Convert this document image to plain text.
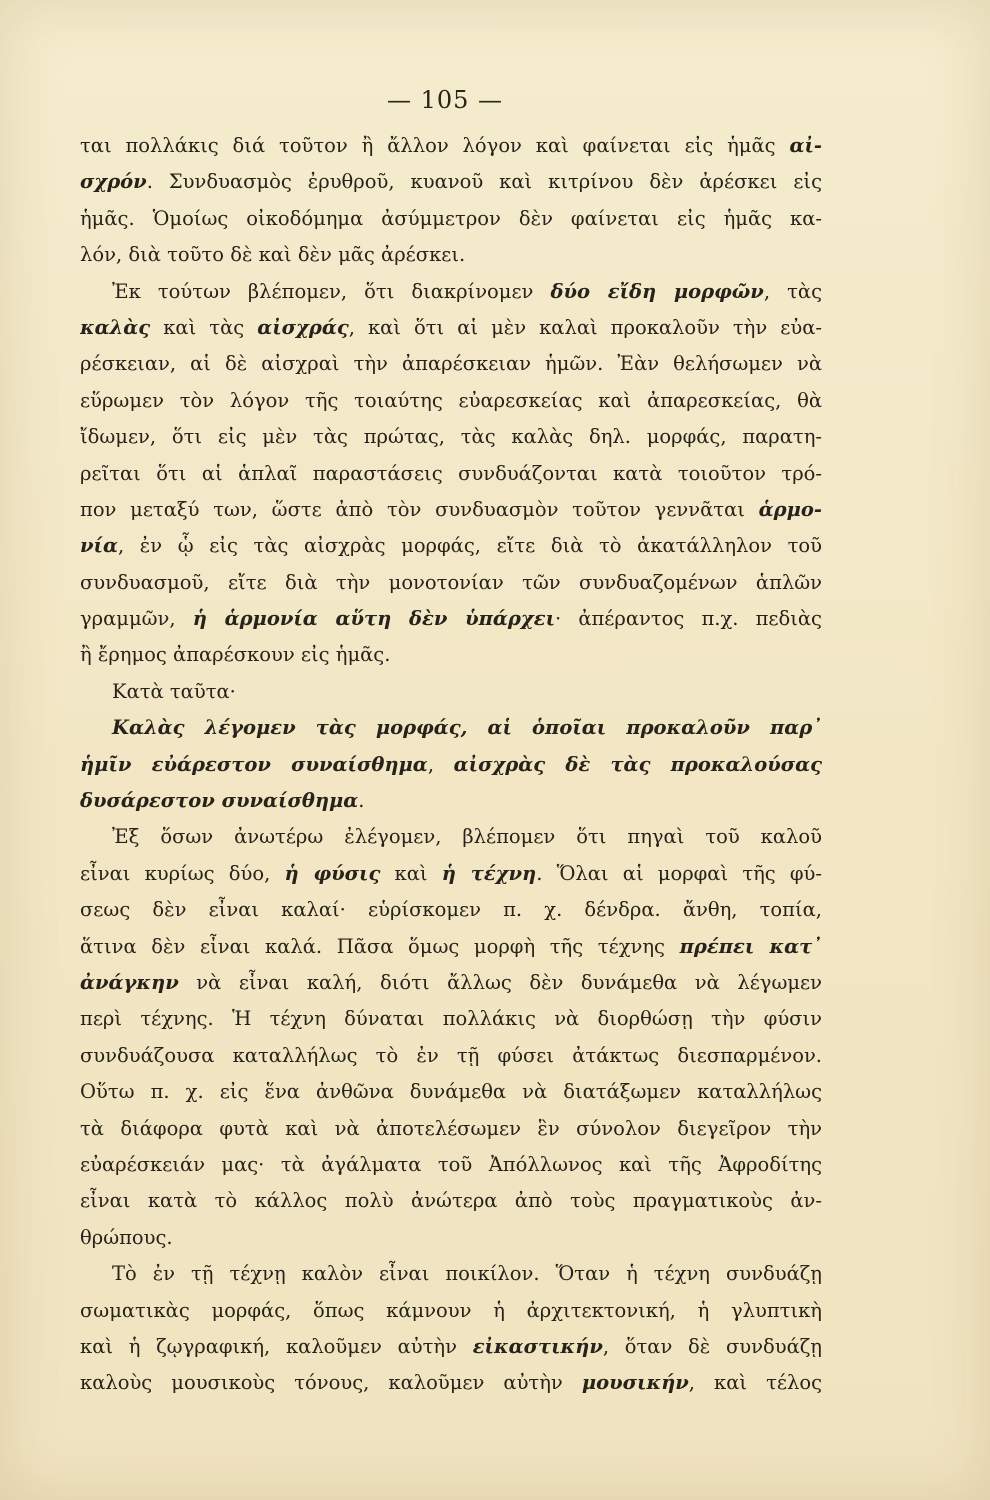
— 105 —
ται πολλάκις διά τοῦτον ἢ ἄλλον λόγον καὶ φαίνεται εἰς ἡμᾶς αἰ-
σχρόν. Συνδυασμὸς ἐρυθροῦ, κυανοῦ καὶ κιτρίνου δὲν ἀρέσκει εἰς
ἡμᾶς. Ὁμοίως οἰκοδόμημα ἀσύμμετρον δὲν φαίνεται εἰς ἡμᾶς κα-
λόν, διὰ τοῦτο δὲ καὶ δὲν μᾶς ἀρέσκει.
Ἐκ τούτων βλέπομεν, ὅτι διακρίνομεν δύο εἴδη μορφῶν, τὰς
καλὰς καὶ τὰς αἰσχράς, καὶ ὅτι αἱ μὲν καλαὶ προκαλοῦν τὴν εὐα-
ρέσκειαν, αἱ δὲ αἰσχραὶ τὴν ἀπαρέσκειαν ἡμῶν. Ἐὰν θελήσωμεν νὰ
εὕρωμεν τὸν λόγον τῆς τοιαύτης εὐαρεσκείας καὶ ἀπαρεσκείας, θὰ
ἴδωμεν, ὅτι εἰς μὲν τὰς πρώτας, τὰς καλὰς δηλ. μορφάς, παρατη-
ρεῖται ὅτι αἱ ἁπλαῖ παραστάσεις συνδυάζονται κατὰ τοιοῦτον τρό-
πον μεταξύ των, ὥστε ἀπὸ τὸν συνδυασμὸν τοῦτον γεννᾶται ἁρμο-
νία, ἐν ᾧ εἰς τὰς αἰσχρὰς μορφάς, εἴτε διὰ τὸ ἀκατάλληλον τοῦ
συνδυασμοῦ, εἴτε διὰ τὴν μονοτονίαν τῶν συνδυαζομένων ἁπλῶν
γραμμῶν, ἡ ἁρμονία αὕτη δὲν ὑπάρχει· ἀπέραντος π.χ. πεδιὰς
ἢ ἔρημος ἀπαρέσκουν εἰς ἡμᾶς.
Κατὰ ταῦτα·
Καλὰς λέγομεν τὰς μορφάς, αἱ ὁποῖαι προκαλοῦν παρ᾽
ἡμῖν εὐάρεστον συναίσθημα, αἰσχρὰς δὲ τὰς προκαλούσας
δυσάρεστον συναίσθημα.
Ἐξ ὅσων ἀνωτέρω ἐλέγομεν, βλέπομεν ὅτι πηγαὶ τοῦ καλοῦ
εἶναι κυρίως δύο, ἡ φύσις καὶ ἡ τέχνη. Ὅλαι αἱ μορφαὶ τῆς φύ-
σεως δὲν εἶναι καλαί· εὑρίσκομεν π. χ. δένδρα. ἄνθη, τοπία,
ἅτινα δὲν εἶναι καλά. Πᾶσα ὅμως μορφὴ τῆς τέχνης πρέπει κατ᾽
ἀνάγκην νὰ εἶναι καλή, διότι ἄλλως δὲν δυνάμεθα νὰ λέγωμεν
περὶ τέχνης. Ἡ τέχνη δύναται πολλάκις νὰ διορθώσῃ τὴν φύσιν
συνδυάζουσα καταλλήλως τὸ ἐν τῇ φύσει ἀτάκτως διεσπαρμένον.
Οὕτω π. χ. εἰς ἕνα ἀνθῶνα δυνάμεθα νὰ διατάξωμεν καταλλήλως
τὰ διάφορα φυτὰ καὶ νὰ ἀποτελέσωμεν ἓν σύνολον διεγεῖρον τὴν
εὐαρέσκειάν μας· τὰ ἀγάλματα τοῦ Ἀπόλλωνος καὶ τῆς Ἀφροδίτης
εἶναι κατὰ τὸ κάλλος πολὺ ἀνώτερα ἀπὸ τοὺς πραγματικοὺς ἀν-
θρώπους.
Τὸ ἐν τῇ τέχνῃ καλὸν εἶναι ποικίλον. Ὅταν ἡ τέχνη συνδυάζῃ
σωματικὰς μορφάς, ὅπως κάμνουν ἡ ἀρχιτεκτονική, ἡ γλυπτικὴ
καὶ ἡ ζῳγραφική, καλοῦμεν αὐτὴν εἰκαστικήν, ὅταν δὲ συνδυάζῃ
καλοὺς μουσικοὺς τόνους, καλοῦμεν αὐτὴν μουσικήν, καὶ τέλος
